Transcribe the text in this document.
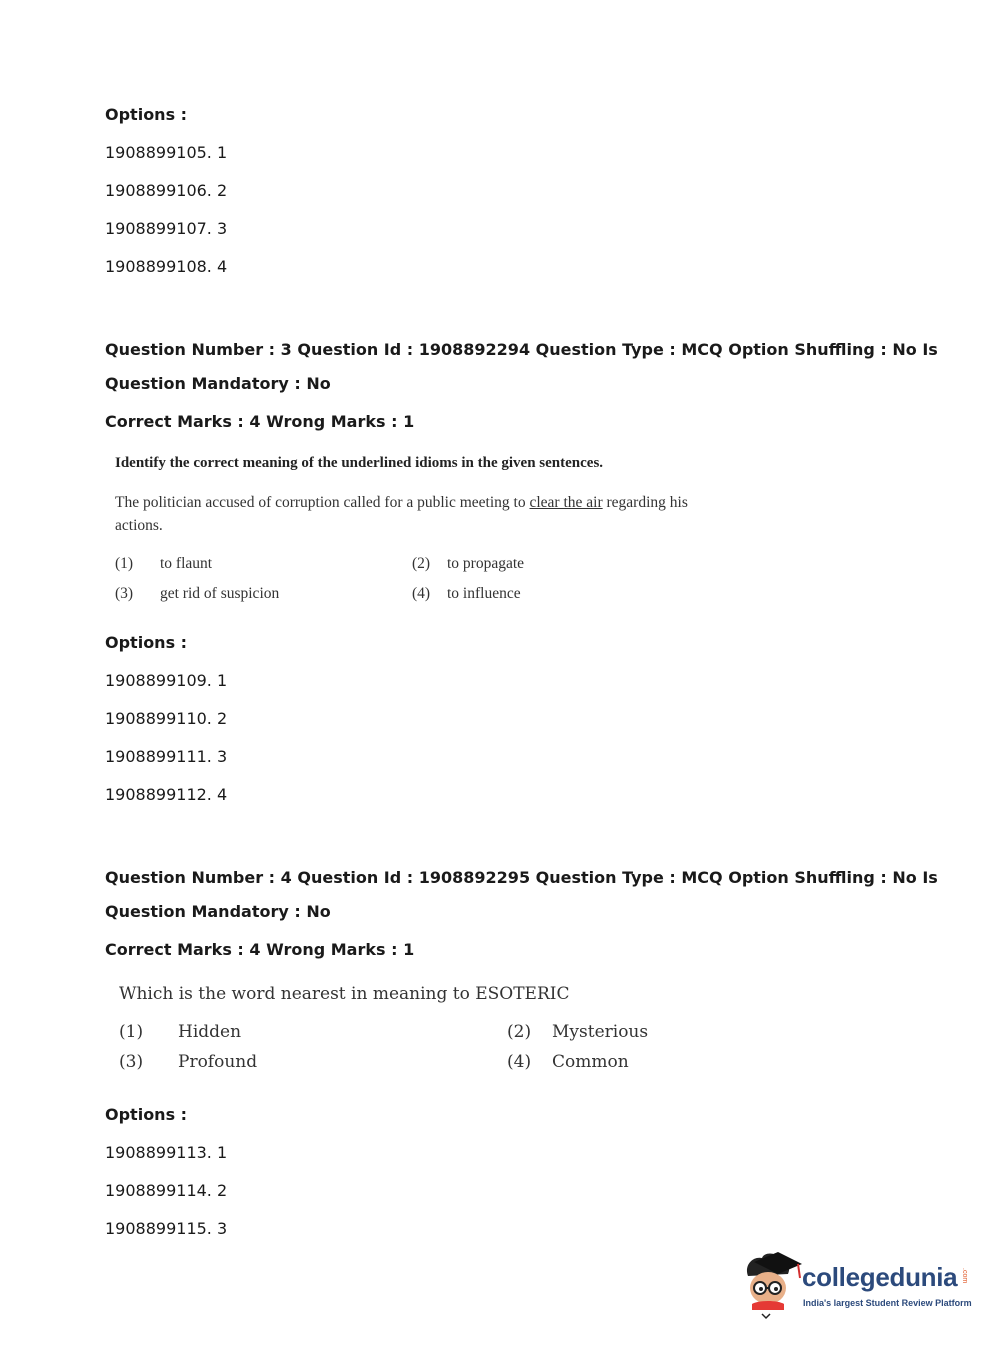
Options :
1908899105. 1
1908899106. 2
1908899107. 3
1908899108. 4
Question Number : 3 Question Id : 1908892294 Question Type : MCQ Option Shuffling : No Is
Question Mandatory : No
Correct Marks : 4 Wrong Marks : 1
Identify the correct meaning of the underlined idioms in the given sentences.
The politician accused of corruption called for a public meeting to clear the air regarding his actions.
(1) to flaunt	(2) to propagate
(3) get rid of suspicion	(4) to influence
Options :
1908899109. 1
1908899110. 2
1908899111. 3
1908899112. 4
Question Number : 4 Question Id : 1908892295 Question Type : MCQ Option Shuffling : No Is
Question Mandatory : No
Correct Marks : 4 Wrong Marks : 1
Which is the word nearest in meaning to ESOTERIC
(1) Hidden	(2) Mysterious
(3) Profound	(4) Common
Options :
1908899113. 1
1908899114. 2
1908899115. 3
collegedunia .com
India's largest Student Review Platform
